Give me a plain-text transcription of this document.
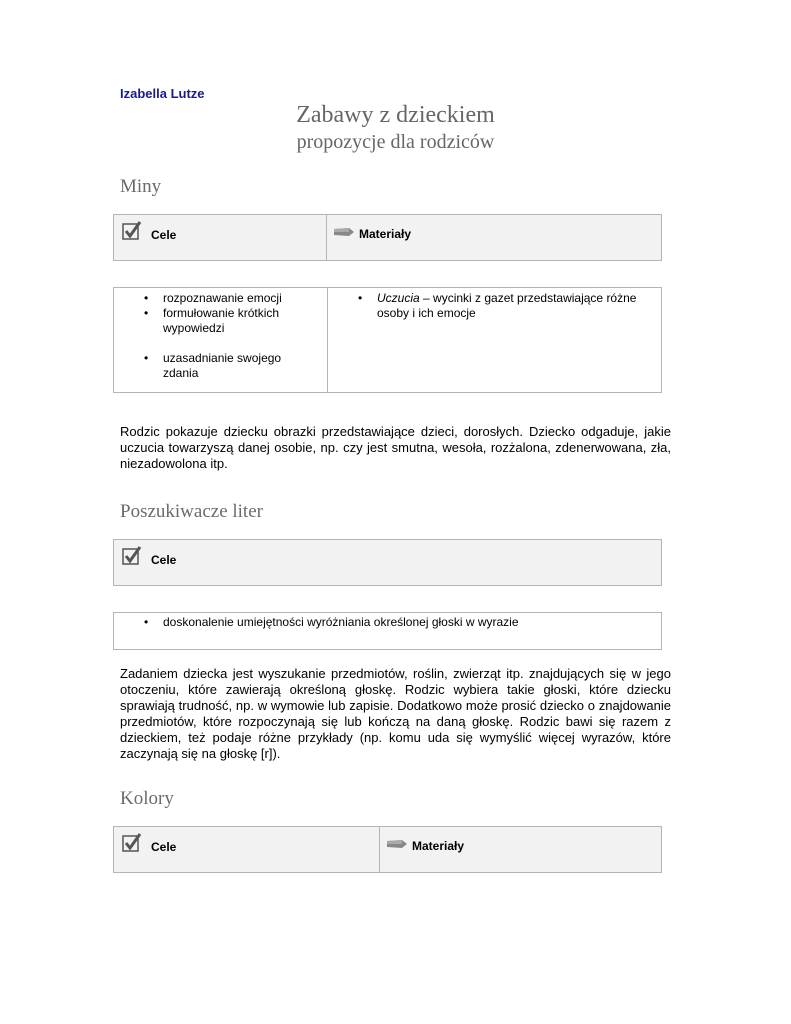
Izabella Lutze
Zabawy z dzieckiem
propozycje dla rodziców
Miny
Cele	Materiały
• rozpoznawanie emocji
• formułowanie krótkich wypowiedzi
• uzasadnianie swojego zdania
• Uczucia – wycinki z gazet przedstawiające różne osoby i ich emocje

Rodzic pokazuje dziecku obrazki przedstawiające dzieci, dorosłych. Dziecko odgaduje, jakie uczucia towarzyszą danej osobie, np. czy jest smutna, wesoła, rozżalona, zdenerwowana, zła, niezadowolona itp.

Poszukiwacze liter
Cele
• doskonalenie umiejętności wyróżniania określonej głoski w wyrazie

Zadaniem dziecka jest wyszukanie przedmiotów, roślin, zwierząt itp. znajdujących się w jego otoczeniu, które zawierają określoną głoskę. Rodzic wybiera takie głoski, które dziecku sprawiają trudność, np. w wymowie lub zapisie. Dodatkowo może prosić dziecko o znajdowanie przedmiotów, które rozpoczynają się lub kończą na daną głoskę. Rodzic bawi się razem z dzieckiem, też podaje różne przykłady (np. komu uda się wymyślić więcej wyrazów, które zaczynają się na głoskę [r]).

Kolory
Cele	Materiały
